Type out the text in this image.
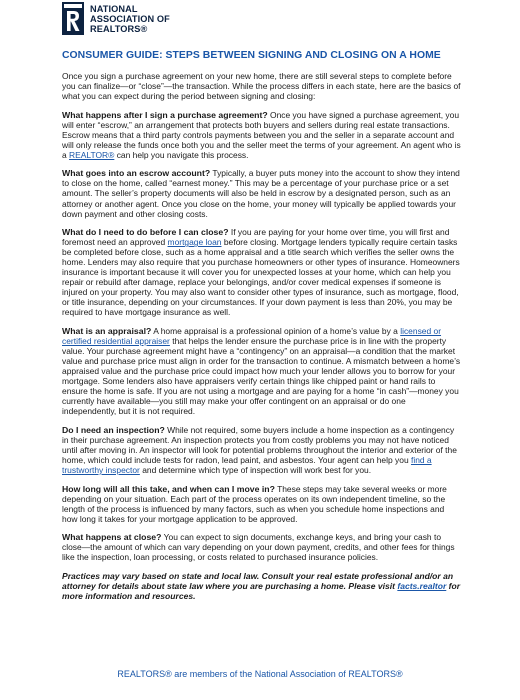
NATIONAL
ASSOCIATION OF
REALTORS®
CONSUMER GUIDE: STEPS BETWEEN SIGNING AND CLOSING ON A HOME

Once you sign a purchase agreement on your new home, there are still several steps to complete before you can finalize—or “close”—the transaction. While the process differs in each state, here are the basics of what you can expect during the period between signing and closing:

What happens after I sign a purchase agreement? Once you have signed a purchase agreement, you will enter “escrow,” an arrangement that protects both buyers and sellers during real estate transactions. Escrow means that a third party controls payments between you and the seller in a separate account and will only release the funds once both you and the seller meet the terms of your agreement. An agent who is a REALTOR® can help you navigate this process.

What goes into an escrow account? Typically, a buyer puts money into the account to show they intend to close on the home, called “earnest money.” This may be a percentage of your purchase price or a set amount. The seller’s property documents will also be held in escrow by a designated person, such as an attorney or another agent. Once you close on the home, your money will typically be applied towards your down payment and other closing costs.

What do I need to do before I can close? If you are paying for your home over time, you will first and foremost need an approved mortgage loan before closing. Mortgage lenders typically require certain tasks be completed before close, such as a home appraisal and a title search which verifies the seller owns the home. Lenders may also require that you purchase homeowners or other types of insurance. Homeowners insurance is important because it will cover you for unexpected losses at your home, which can help you repair or rebuild after damage, replace your belongings, and/or cover medical expenses if someone is injured on your property. You may also want to consider other types of insurance, such as mortgage, flood, or title insurance, depending on your circumstances. If your down payment is less than 20%, you may be required to have mortgage insurance as well.

What is an appraisal? A home appraisal is a professional opinion of a home’s value by a licensed or certified residential appraiser that helps the lender ensure the purchase price is in line with the property value. Your purchase agreement might have a “contingency” on an appraisal—a condition that the market value and purchase price must align in order for the transaction to continue. A mismatch between a home’s appraised value and the purchase price could impact how much your lender allows you to borrow for your mortgage. Some lenders also have appraisers verify certain things like chipped paint or hand rails to ensure the home is safe. If you are not using a mortgage and are paying for a home “in cash”—money you currently have available—you still may make your offer contingent on an appraisal or do one independently, but it is not required.

Do I need an inspection? While not required, some buyers include a home inspection as a contingency in their purchase agreement. An inspection protects you from costly problems you may not have noticed until after moving in. An inspector will look for potential problems throughout the interior and exterior of the home, which could include tests for radon, lead paint, and asbestos. Your agent can help you find a trustworthy inspector and determine which type of inspection will work best for you.

How long will all this take, and when can I move in? These steps may take several weeks or more depending on your situation. Each part of the process operates on its own independent timeline, so the length of the process is influenced by many factors, such as when you schedule home inspections and how long it takes for your mortgage application to be approved.

What happens at close? You can expect to sign documents, exchange keys, and bring your cash to close—the amount of which can vary depending on your down payment, credits, and other fees for things like the inspection, loan processing, or costs related to purchased insurance policies.

Practices may vary based on state and local law. Consult your real estate professional and/or an attorney for details about state law where you are purchasing a home. Please visit facts.realtor for more information and resources.

REALTORS® are members of the National Association of REALTORS®
